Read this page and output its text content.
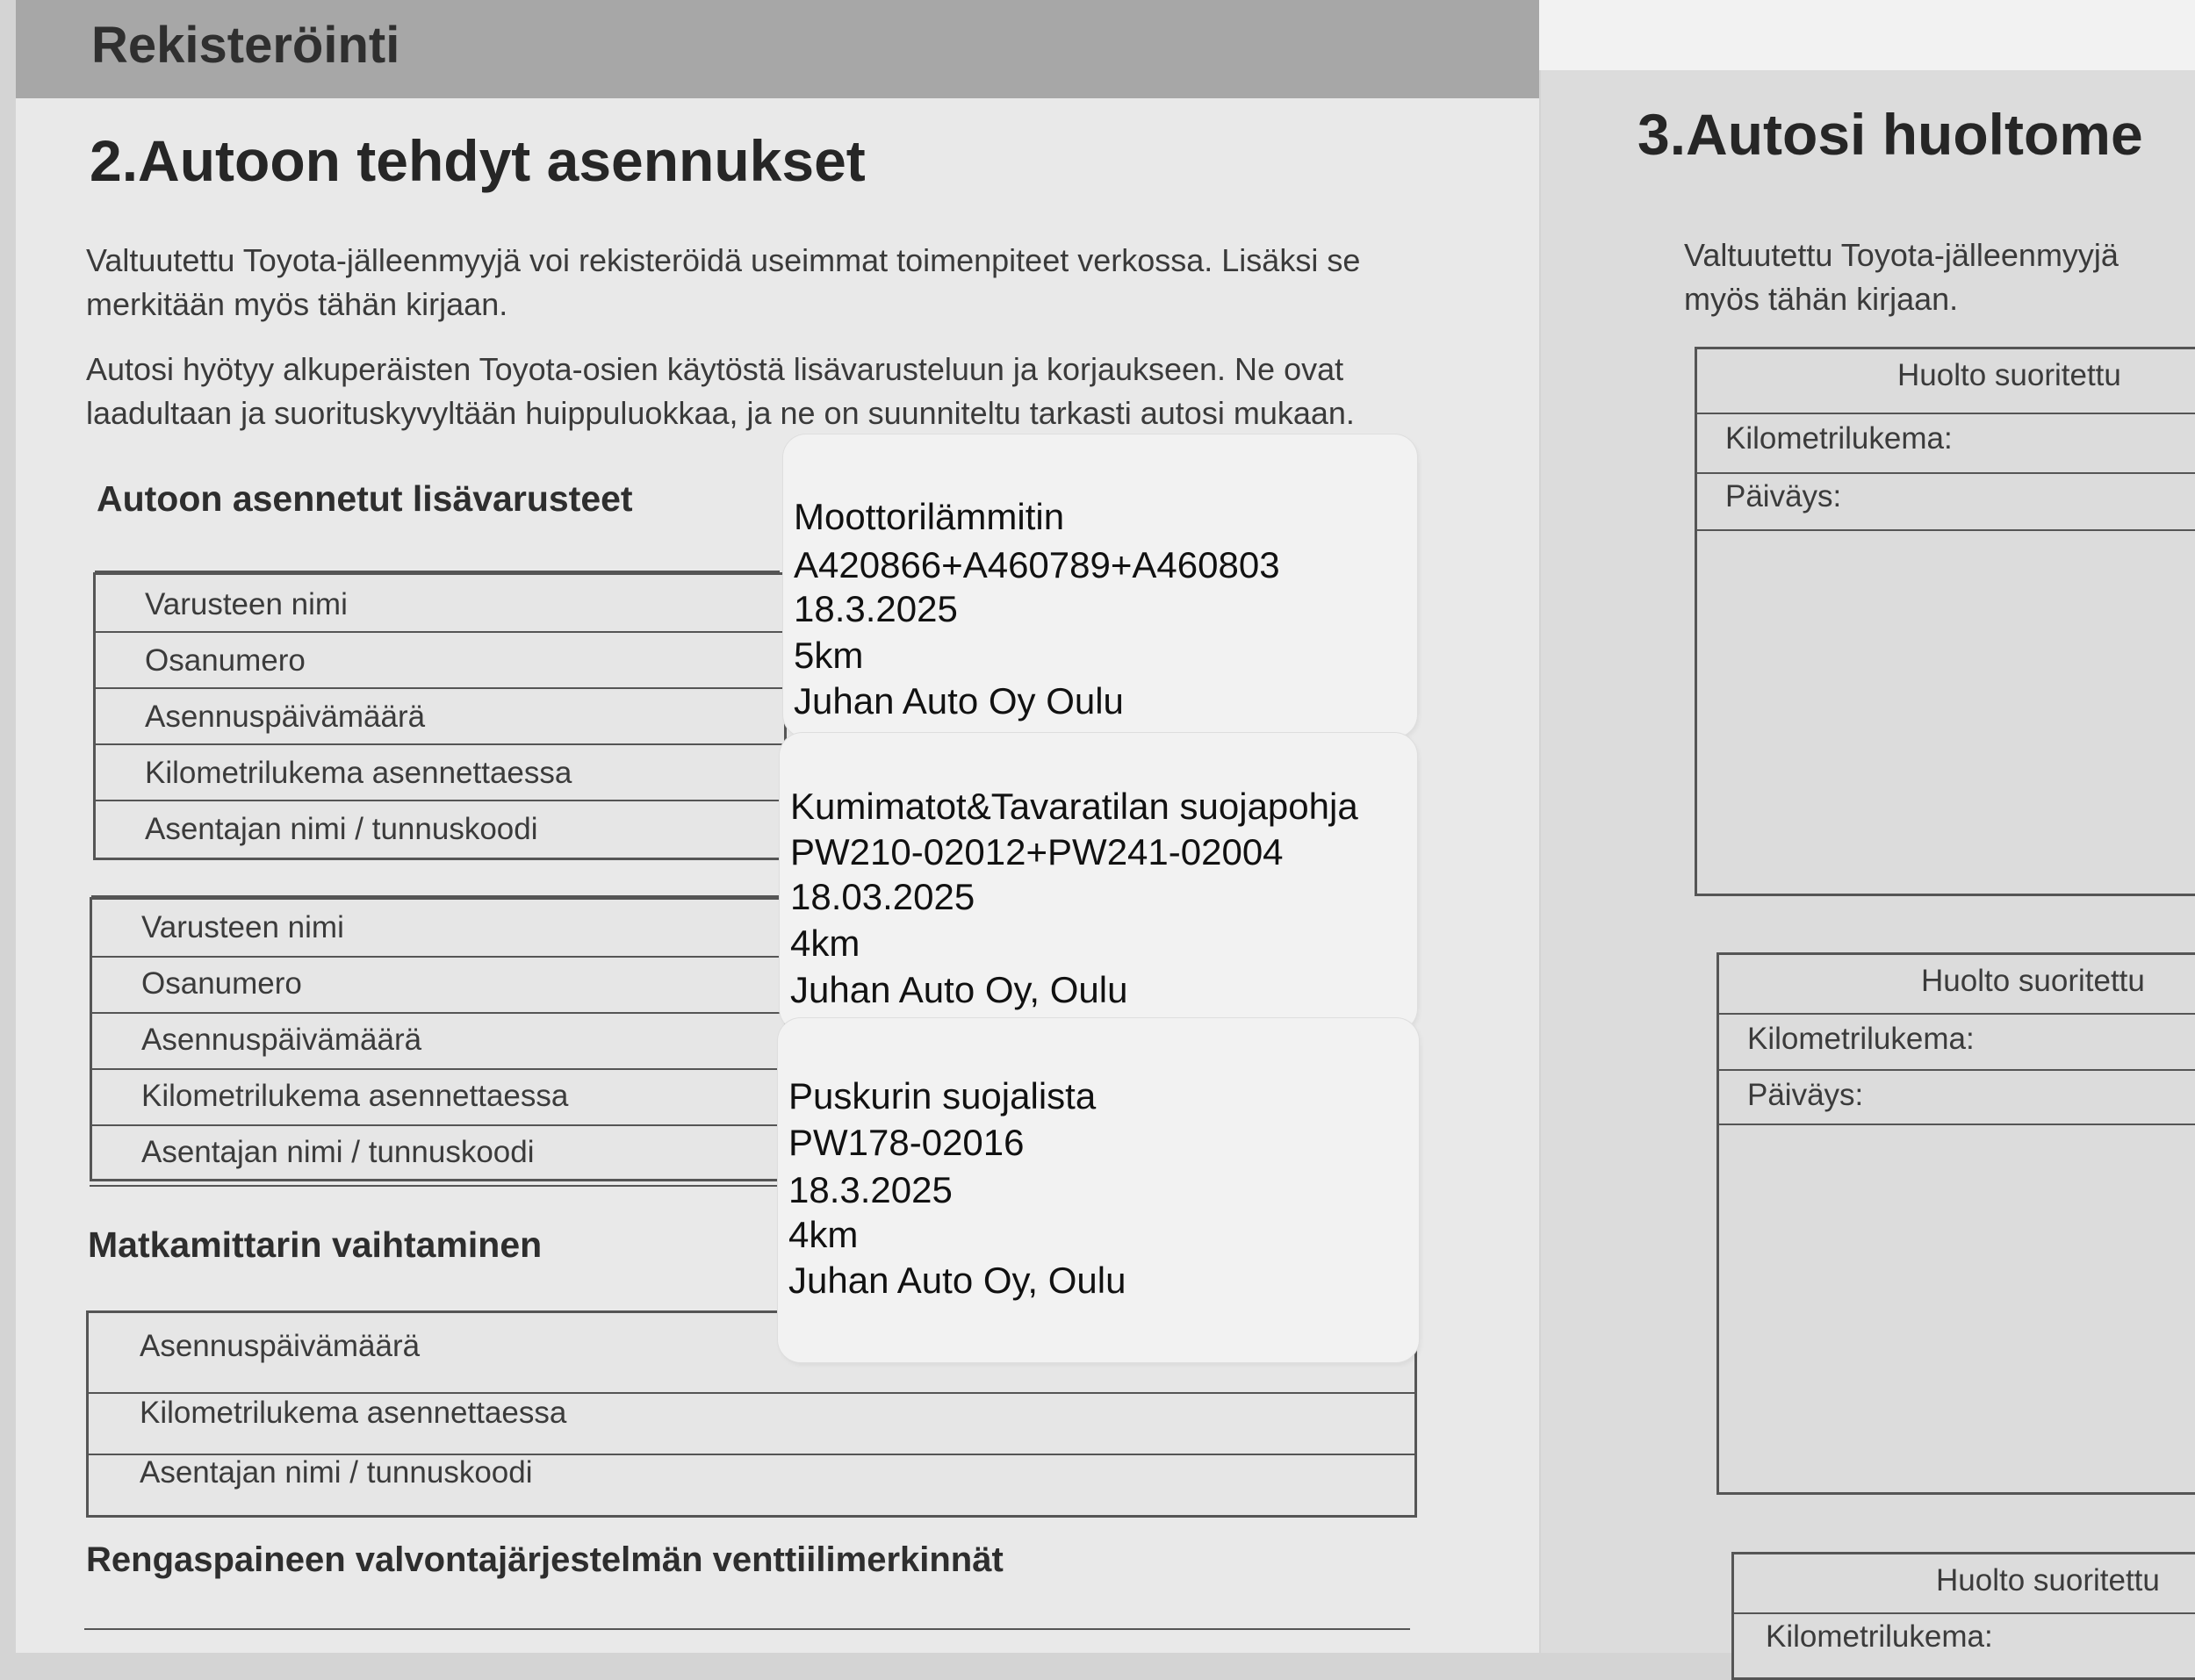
Rekisteröinti
2.Autoon tehdyt asennukset
Valtuutettu Toyota-jälleenmyyjä voi rekisteröidä useimmat toimenpiteet verkossa. Lisäksi se
merkitään myös tähän kirjaan.
Autosi hyötyy alkuperäisten Toyota-osien käytöstä lisävarusteluun ja korjaukseen. Ne ovat
laadultaan ja suorituskyvyltään huippuluokkaa, ja ne on suunniteltu tarkasti autosi mukaan.
Autoon asennetut lisävarusteet
Varusteen nimi
Osanumero
Asennuspäivämäärä
Kilometrilukema asennettaessa
Asentajan nimi / tunnuskoodi
Varusteen nimi
Osanumero
Asennuspäivämäärä
Kilometrilukema asennettaessa
Asentajan nimi / tunnuskoodi
Matkamittarin vaihtaminen
Asennuspäivämäärä
Kilometrilukema asennettaessa
Asentajan nimi / tunnuskoodi
Rengaspaineen valvontajärjestelmän venttiilimerkinnät
Moottorilämmitin
A420866+A460789+A460803
18.3.2025
5km
Juhan Auto Oy Oulu
Kumimatot&Tavaratilan suojapohja
PW210-02012+PW241-02004
18.03.2025
4km
Juhan Auto Oy, Oulu
Puskurin suojalista
PW178-02016
18.3.2025
4km
Juhan Auto Oy, Oulu
3.Autosi huoltome
Valtuutettu Toyota-jälleenmyyjä
myös tähän kirjaan.
Huolto suoritettu
Kilometrilukema:
Päiväys:
Huolto suoritettu
Kilometrilukema:
Päiväys:
Huolto suoritettu
Kilometrilukema:
